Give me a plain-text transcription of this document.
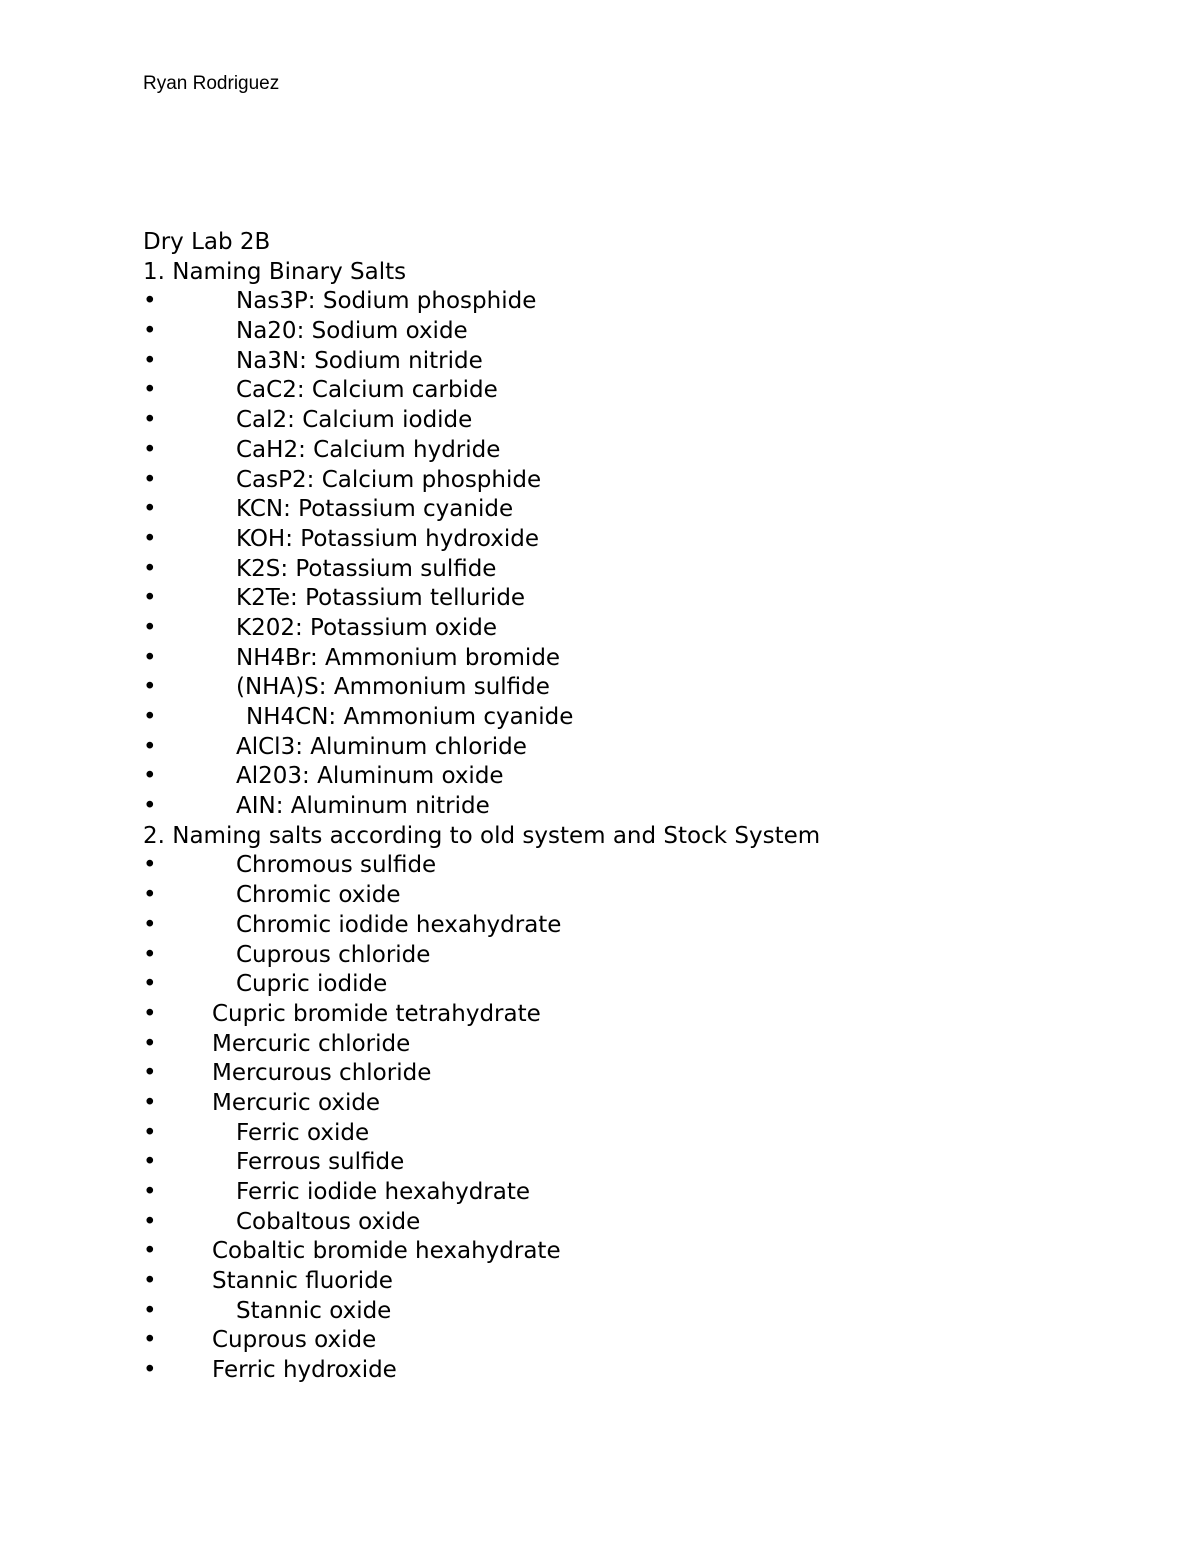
Ryan Rodriguez
Dry Lab 2B
1. Naming Binary Salts
•	Nas3P: Sodium phosphide
•	Na20: Sodium oxide
•	Na3N: Sodium nitride
•	CaC2: Calcium carbide
•	Cal2: Calcium iodide
•	CaH2: Calcium hydride
•	CasP2: Calcium phosphide
•	KCN: Potassium cyanide
•	KOH: Potassium hydroxide
•	K2S: Potassium sulfide
•	K2Te: Potassium telluride
•	K202: Potassium oxide
•	NH4Br: Ammonium bromide
•	(NHA)S: Ammonium sulfide
•	NH4CN: Ammonium cyanide
•	AlCl3: Aluminum chloride
•	Al203: Aluminum oxide
•	AIN: Aluminum nitride
2. Naming salts according to old system and Stock System
•	Chromous sulfide
•	Chromic oxide
•	Chromic iodide hexahydrate
•	Cuprous chloride
•	Cupric iodide
• Cupric bromide tetrahydrate
• Mercuric chloride
• Mercurous chloride
• Mercuric oxide
•	Ferric oxide
•	Ferrous sulfide
•	Ferric iodide hexahydrate
•	Cobaltous oxide
• Cobaltic bromide hexahydrate
• Stannic fluoride
•	Stannic oxide
• Cuprous oxide
• Ferric hydroxide
